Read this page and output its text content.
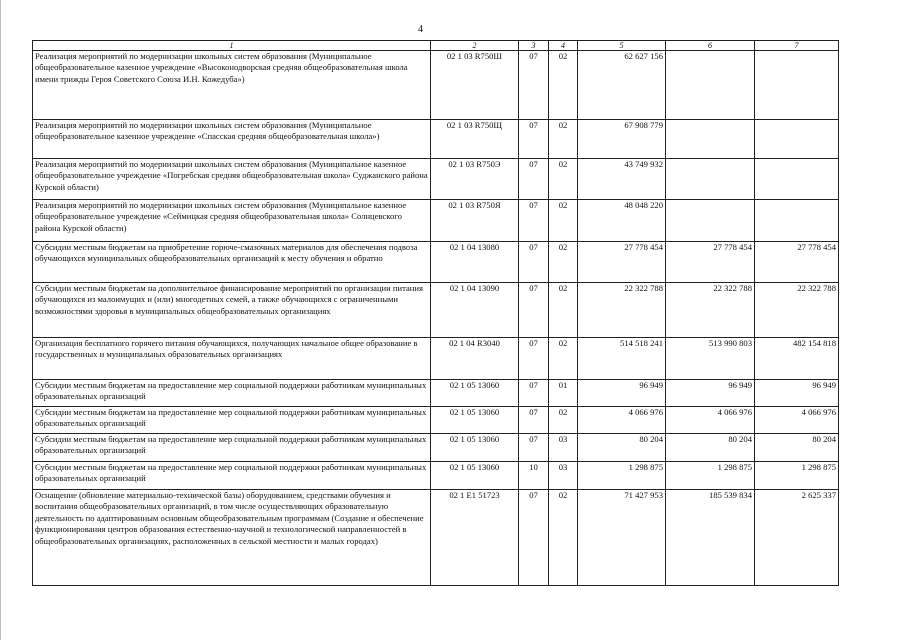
4
1	2	3	4	5	6	7
Реализация мероприятий по модернизации школьных систем образования (Муниципальное общеобразовательное казенное учреждение «Высоконодворская средняя общеобразовательная школа имени трижды Героя Советского Союза И.Н. Кожедуба»)	02 1 03 R750Ш	07	02	62 627 156		
Реализация мероприятий по модернизации школьных систем образования (Муниципальное общеобразовательное казенное учреждение «Спасская средняя общеобразовательная школа»)	02 1 03 R750Щ	07	02	67 908 779		
Реализация мероприятий по модернизации школьных систем образования (Муниципальное казенное общеобразовательное учреждение «Погребская средняя общеобразовательная школа» Суджанского района Курской области)	02 1 03 R750Э	07	02	43 749 932		
Реализация мероприятий по модернизации школьных систем образования (Муниципальное казенное общеобразовательное учреждение «Сеймицкая средняя общеобразовательная школа» Солнцевского района Курской области)	02 1 03 R750Я	07	02	48 048 220		
Субсидии местным бюджетам на приобретение горюче-смазочных материалов для обеспечения подвоза обучающихся муниципальных общеобразовательных организаций к месту обучения и обратно	02 1 04 13080	07	02	27 778 454	27 778 454	27 778 454
Субсидии местным бюджетам на дополнительное финансирование мероприятий по организации питания обучающихся из малоимущих и (или) многодетных семей, а также обучающихся с ограниченными возможностями здоровья в муниципальных общеобразовательных организациях	02 1 04 13090	07	02	22 322 788	22 322 788	22 322 788
Организация бесплатного горячего питания обучающихся, получающих начальное общее образование в государственных и муниципальных образовательных организациях	02 1 04 R3040	07	02	514 518 241	513 990 803	482 154 818
Субсидии местным бюджетам на предоставление мер социальной поддержки работникам муниципальных образовательных организаций	02 1 05 13060	07	01	96 949	96 949	96 949
Субсидии местным бюджетам на предоставление мер социальной поддержки работникам муниципальных образовательных организаций	02 1 05 13060	07	02	4 066 976	4 066 976	4 066 976
Субсидии местным бюджетам на предоставление мер социальной поддержки работникам муниципальных образовательных организаций	02 1 05 13060	07	03	80 204	80 204	80 204
Субсидии местным бюджетам на предоставление мер социальной поддержки работникам муниципальных образовательных организаций	02 1 05 13060	10	03	1 298 875	1 298 875	1 298 875
Оснащение (обновление материально-технической базы) оборудованием, средствами обучения и воспитания общеобразовательных организаций, в том числе осуществляющих образовательную деятельность по адаптированным основным общеобразовательным программам (Создание и обеспечение функционирования центров образования естественно-научной и технологической направленностей в общеобразовательных организациях, расположенных в сельской местности и малых городах)	02 1 E1 51723	07	02	71 427 953	185 539 834	2 625 337
